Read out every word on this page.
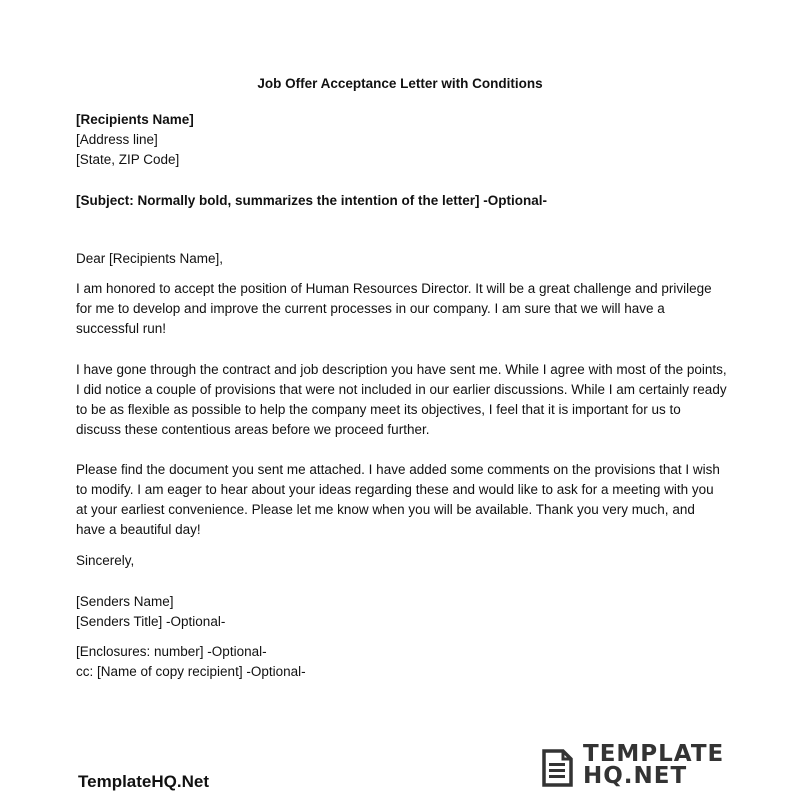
Job Offer Acceptance Letter with Conditions
[Recipients Name]
[Address line]
[State, ZIP Code]
[Subject: Normally bold, summarizes the intention of the letter] -Optional-
Dear [Recipients Name],
I am honored to accept the position of Human Resources Director. It will be a great challenge and privilege
for me to develop and improve the current processes in our company. I am sure that we will have a
successful run!
I have gone through the contract and job description you have sent me. While I agree with most of the points,
I did notice a couple of provisions that were not included in our earlier discussions. While I am certainly ready
to be as flexible as possible to help the company meet its objectives, I feel that it is important for us to
discuss these contentious areas before we proceed further.
Please find the document you sent me attached. I have added some comments on the provisions that I wish
to modify. I am eager to hear about your ideas regarding these and would like to ask for a meeting with you
at your earliest convenience. Please let me know when you will be available. Thank you very much, and
have a beautiful day!
Sincerely,
[Senders Name]
[Senders Title] -Optional-
[Enclosures: number] -Optional-
cc: [Name of copy recipient] -Optional-
TemplateHQ.Net
TEMPLATE
HQ.NET
